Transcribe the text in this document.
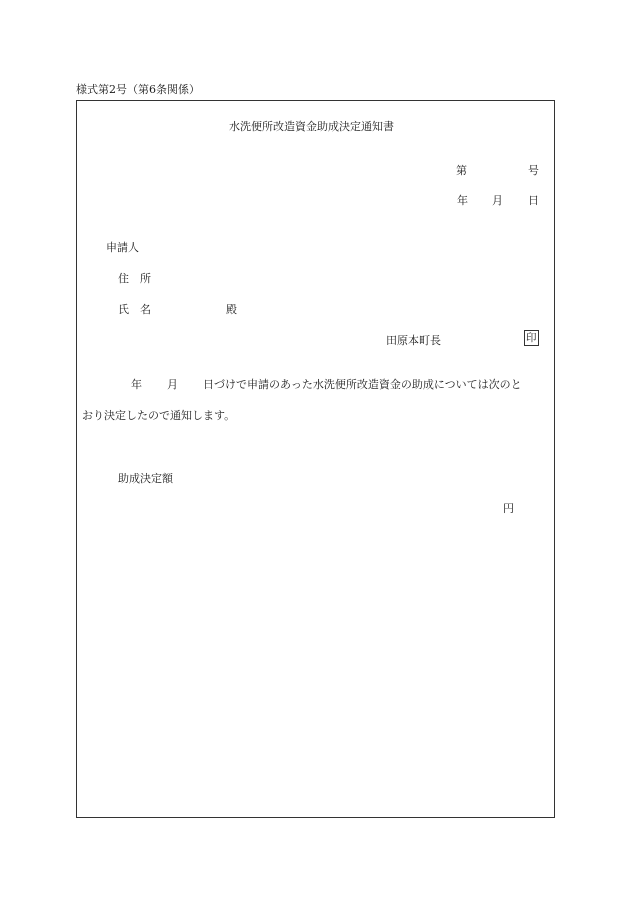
様式第2号（第6条関係）
水洗便所改造資金助成決定通知書
第	号
年 月 日
申請人
住　所
氏　名	殿
田原本町長	印
年 月 日づけで申請のあった水洗便所改造資金の助成については次のと
おり決定したので通知します。
助成決定額
円
